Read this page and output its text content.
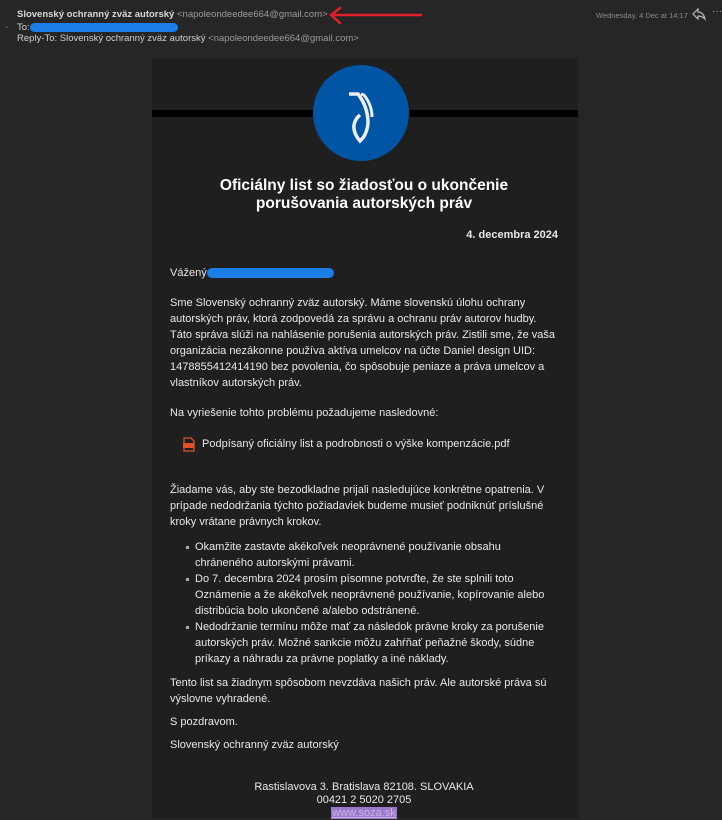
⌄
Slovenský ochranný zväz autorský <napoleondeedee664@gmail.com>
To:
Reply-To: Slovenský ochranný zväz autorský <napoleondeedee664@gmail.com>
Wednesday, 4 Dec at 14:17 ···
Oficiálny list so žiadosťou o ukončenie porušovania autorských práv
4. decembra 2024

Vážený

Sme Slovenský ochranný zväz autorský. Máme slovenskú úlohu ochrany autorských práv, ktorá zodpovedá za správu a ochranu práv autorov hudby. Táto správa slúži na nahlásenie porušenia autorských práv. Zistili sme, že vaša organizácia nezákonne používa aktíva umelcov na účte Daniel design UID: 1478855412414190 bez povolenia, čo spôsobuje peniaze a práva umelcov a vlastníkov autorských práv.

Na vyriešenie tohto problému požadujeme nasledovné:

Podpísaný oficiálny list a podrobnosti o výške kompenzácie.pdf

Žiadame vás, aby ste bezodkladne prijali nasledujúce konkrétne opatrenia. V prípade nedodržania týchto požiadaviek budeme musieť podniknúť príslušné kroky vrátane právnych krokov.

Okamžite zastavte akékoľvek neoprávnené používanie obsahu chráneného autorskými právami.
Do 7. decembra 2024 prosím písomne potvrďte, že ste splnili toto Oznámenie a že akékoľvek neoprávnené používanie, kopírovanie alebo distribúcia bolo ukončené a/alebo odstránené.
Nedodržanie termínu môže mať za následok právne kroky za porušenie autorských práv. Možné sankcie môžu zahŕňať peňažné škody, súdne príkazy a náhradu za právne poplatky a iné náklady.

Tento list sa žiadnym spôsobom nevzdáva našich práv. Ale autorské práva sú výslovne vyhradené.

S pozdravom.

Slovenský ochranný zväz autorský

Rastislavova 3. Bratislava 82108. SLOVAKIA
00421 2 5020 2705
www.soza.sk
